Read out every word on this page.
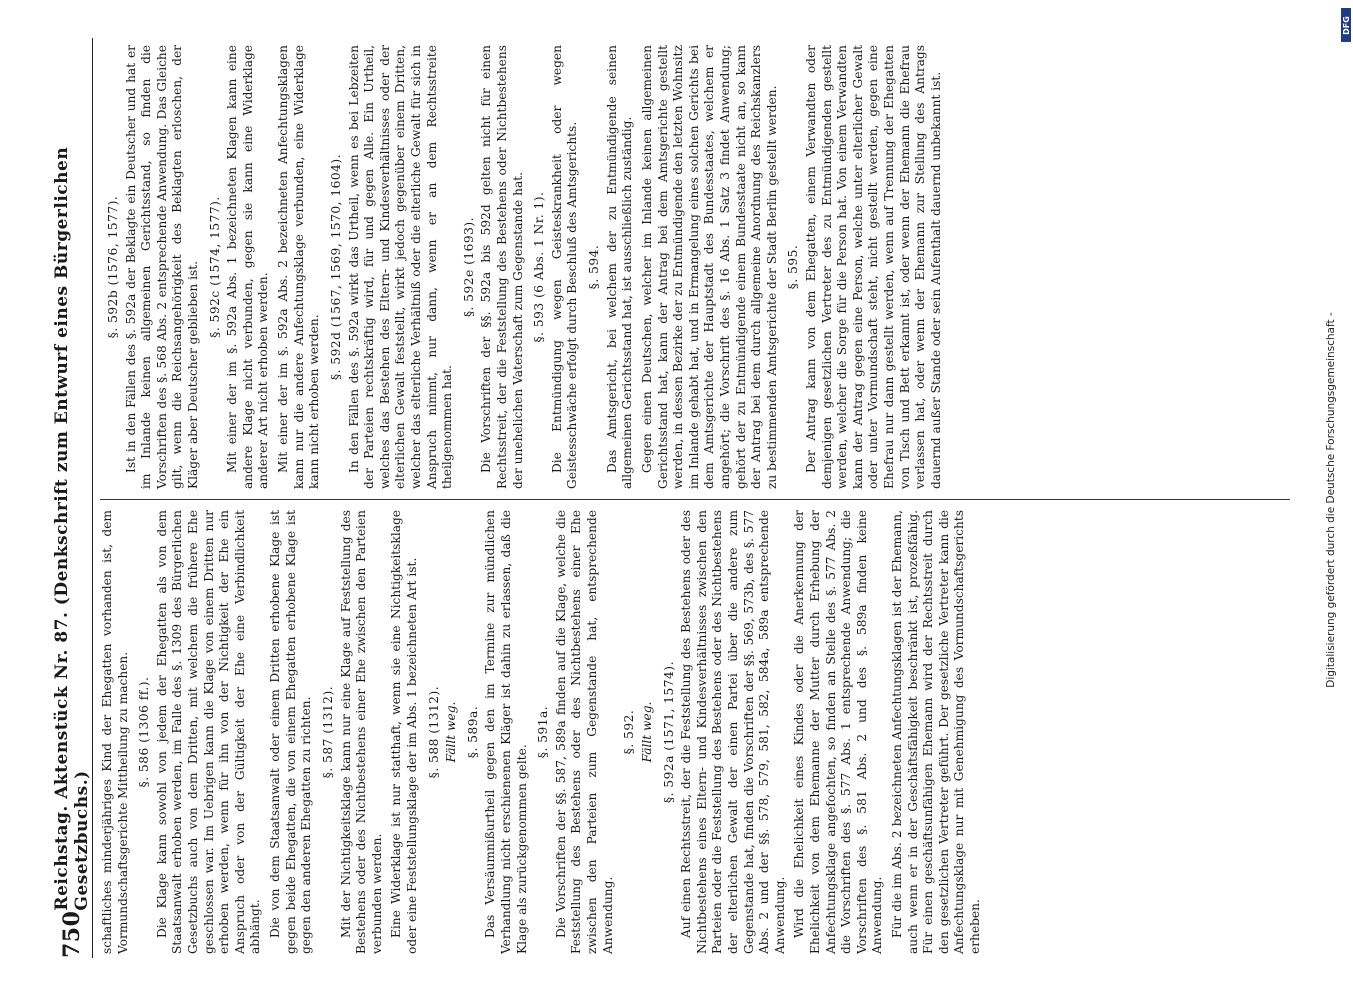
DFG
Digitalisierung gefördert durch die Deutsche Forschungsgemeinschaft -
750
Reichstag. Aktenstück Nr. 87. (Denkschrift zum Entwurf eines Bürgerlichen Gesetzbuchs.) schaftliches minderjähriges Kind der Ehegatten vorhanden ist, dem Vormundschaftsgerichte Mittheilung zu machen. §. 586 (1306 ff.). Die Klage kann sowohl von jedem der Ehegatten als von dem Staatsanwalt erhoben werden, im Falle des §. 1309 des Bürgerlichen Gesetzbuchs auch von dem Dritten, mit welchem die frühere Ehe geschlossen war. Im Uebrigen kann die Klage von einem Dritten nur erhoben werden, wenn für ihn von der Nichtigkeit der Ehe ein Anspruch oder von der Gültigkeit der Ehe eine Verbindlichkeit abhängt. Die von dem Staatsanwalt oder einem Dritten erhobene Klage ist gegen beide Ehegatten, die von einem Ehegatten erhobene Klage ist gegen den anderen Ehegatten zu richten. §. 587 (1312). Mit der Nichtigkeitsklage kann nur eine Klage auf Feststellung des Bestehens oder des Nichtbestehens einer Ehe zwischen den Parteien verbunden werden. Eine Widerklage ist nur statthaft, wenn sie eine Nichtigkeitsklage oder eine Feststellungsklage der im Abs. 1 bezeichneten Art ist. §. 588 (1312). Fällt weg. §. 589a. Das Versäumnißurtheil gegen den im Termine zur mündlichen Verhandlung nicht erschienenen Kläger ist dahin zu erlassen, daß die Klage als zurückgenommen gelte.

§. 591a. Die Vorschriften der §§. 587, 589a finden auf die Klage, welche die Feststellung des Bestehens oder des Nichtbestehens einer Ehe zwischen den Parteien zum Gegenstande hat, entsprechende Anwendung.

§. 592. Fällt weg. §. 592a (1571, 1574). Auf einen Rechtsstreit, der die Feststellung des Bestehens oder des Nichtbestehens eines Eltern- und Kindesverhältnisses zwischen den Parteien oder die Feststellung des Bestehens oder des Nichtbestehens der elterlichen Gewalt der einen Partei über die andere zum Gegenstande hat, finden die Vorschriften der §§. 569, 573b, des §. 577 Abs. 2 und der §§. 578, 579, 581, 582, 584a, 589a entsprechende Anwendung. Wird die Ehelichkeit eines Kindes oder die Anerkennung der Ehelichkeit von dem Ehemanne der Mutter durch Erhebung der Anfechtungsklage angefochten, so finden an Stelle des §. 577 Abs. 2 die Vorschriften des §. 577 Abs. 1 entsprechende Anwendung; die Vorschriften des §. 581 Abs. 2 und des §. 589a finden keine Anwendung. Für die im Abs. 2 bezeichneten Anfechtungsklagen ist der Ehemann, auch wenn er in der Geschäftsfähigkeit beschränkt ist, prozeßfähig. Für einen geschäftsunfähigen Ehemann wird der Rechtsstreit durch den gesetzlichen Vertreter geführt. Der gesetzliche Vertreter kann die Anfechtungsklage nur mit Genehmigung des Vormundschaftsgerichts erheben.

§. 592b (1576, 1577). Ist in den Fällen des §. 592a der Beklagte ein Deutscher und hat er im Inlande keinen allgemeinen Gerichtsstand, so finden die Vorschriften des §. 568 Abs. 2 entsprechende Anwendung. Das Gleiche gilt, wenn die Reichsangehörigkeit des Beklagten erloschen, der Kläger aber Deutscher geblieben ist. §. 592c (1574, 1577). Mit einer der im §. 592a Abs. 1 bezeichneten Klagen kann eine andere Klage nicht verbunden, gegen sie kann eine Widerklage anderer Art nicht erhoben werden. Mit einer der im §. 592a Abs. 2 bezeichneten Anfechtungsklagen kann nur die andere Anfechtungsklage verbunden, eine Widerklage kann nicht erhoben werden.

§. 592d (1567, 1569, 1570, 1604). In den Fällen des §. 592a wirkt das Urtheil, wenn es bei Lebzeiten der Parteien rechtskräftig wird, für und gegen Alle. Ein Urtheil, welches das Bestehen des Eltern- und Kindesverhältnisses oder der elterlichen Gewalt feststellt, wirkt jedoch gegenüber einem Dritten, welcher das elterliche Verhältniß oder die elterliche Gewalt für sich in Anspruch nimmt, nur dann, wenn er an dem Rechtsstreite theilgenommen hat.

§. 592e (1693). Die Vorschriften der §§. 592a bis 592d gelten nicht für einen Rechtsstreit, der die Feststellung des Bestehens oder Nichtbestehens der unehelichen Vaterschaft zum Gegenstande hat. §. 593 (6 Abs. 1 Nr. 1). Die Entmündigung wegen Geisteskrankheit oder wegen Geistesschwäche erfolgt durch Beschluß des Amtsgerichts. §. 594. Das Amtsgericht, bei welchem der zu Entmündigende seinen allgemeinen Gerichtsstand hat, ist ausschließlich zuständig. Gegen einen Deutschen, welcher im Inlande keinen allgemeinen Gerichtsstand hat, kann der Antrag bei dem Amtsgerichte gestellt werden, in dessen Bezirke der zu Entmündigende den letzten Wohnsitz im Inlande gehabt hat, und in Ermangelung eines solchen Gerichts bei dem Amtsgerichte der Hauptstadt des Bundesstaates, welchem er angehört; die Vorschrift des §. 16 Abs. 1 Satz 3 findet Anwendung; gehört der zu Entmündigende einem Bundesstaate nicht an, so kann der Antrag bei dem durch allgemeine Anordnung des Reichskanzlers zu bestimmenden Amtsgerichte der Stadt Berlin gestellt werden. §. 595. Der Antrag kann von dem Ehegatten, einem Verwandten oder demjenigen gesetzlichen Vertreter des zu Entmündigenden gestellt werden, welcher die Sorge für die Person hat. Von einem Verwandten kann der Antrag gegen eine Person, welche unter elterlicher Gewalt oder unter Vormundschaft steht, nicht gestellt werden, gegen eine Ehefrau nur dann gestellt werden, wenn auf Trennung der Ehegatten von Tisch und Bett erkannt ist, oder wenn der Ehemann die Ehefrau verlassen hat, oder wenn der Ehemann zur Stellung des Antrags dauernd außer Stande oder sein Aufenthalt dauernd unbekannt ist.
